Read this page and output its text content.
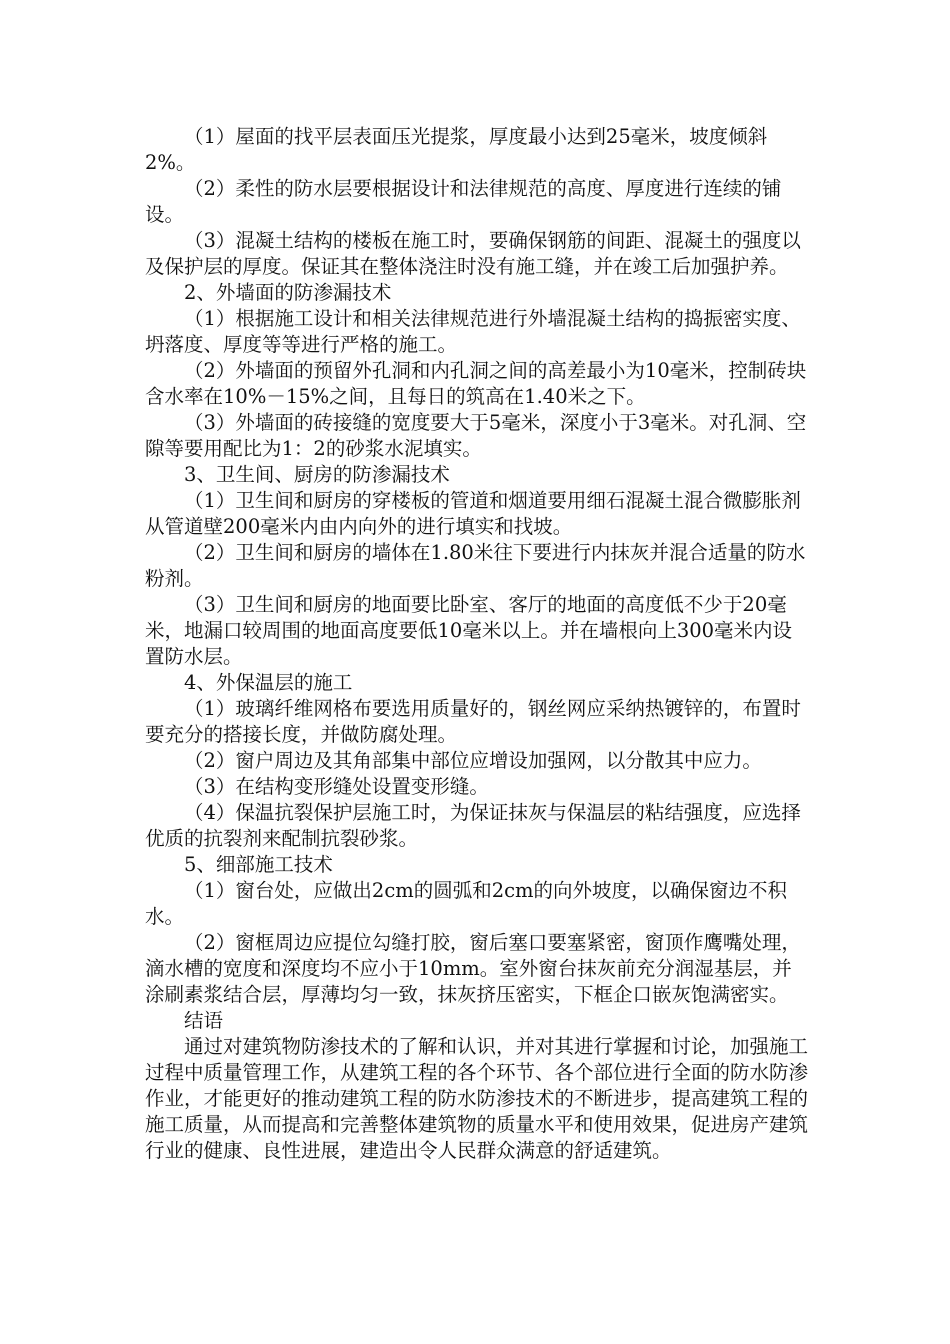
（1）屋面的找平层表面压光提浆，厚度最小达到25毫米，坡度倾斜2%。

（2）柔性的防水层要根据设计和法律规范的高度、厚度进行连续的铺设。

（3）混凝土结构的楼板在施工时，要确保钢筋的间距、混凝土的强度以及保护层的厚度。保证其在整体浇注时没有施工缝，并在竣工后加强护养。

2、外墙面的防渗漏技术

（1）根据施工设计和相关法律规范进行外墙混凝土结构的捣振密实度、坍落度、厚度等等进行严格的施工。

（2）外墙面的预留外孔洞和内孔洞之间的高差最小为10毫米，控制砖块含水率在10%－15%之间，且每日的筑高在1.40米之下。

（3）外墙面的砖接缝的宽度要大于5毫米，深度小于3毫米。对孔洞、空隙等要用配比为1：2的砂浆水泥填实。

3、卫生间、厨房的防渗漏技术

（1）卫生间和厨房的穿楼板的管道和烟道要用细石混凝土混合微膨胀剂从管道壁200毫米内由内向外的进行填实和找坡。

（2）卫生间和厨房的墙体在1.80米往下要进行内抹灰并混合适量的防水粉剂。

（3）卫生间和厨房的地面要比卧室、客厅的地面的高度低不少于20毫米，地漏口较周围的地面高度要低10毫米以上。并在墙根向上300毫米内设置防水层。

4、外保温层的施工

（1）玻璃纤维网格布要选用质量好的，钢丝网应采纳热镀锌的，布置时要充分的搭接长度，并做防腐处理。

（2）窗户周边及其角部集中部位应增设加强网，以分散其中应力。

（3）在结构变形缝处设置变形缝。

（4）保温抗裂保护层施工时，为保证抹灰与保温层的粘结强度，应选择优质的抗裂剂来配制抗裂砂浆。

5、细部施工技术

（1）窗台处，应做出2cm的圆弧和2cm的向外坡度，以确保窗边不积水。

（2）窗框周边应提位勾缝打胶，窗后塞口要塞紧密，窗顶作鹰嘴处理，滴水槽的宽度和深度均不应小于10mm。室外窗台抹灰前充分润湿基层，并涂刷素浆结合层，厚薄均匀一致，抹灰挤压密实，下框企口嵌灰饱满密实。

结语

通过对建筑物防渗技术的了解和认识，并对其进行掌握和讨论，加强施工过程中质量管理工作，从建筑工程的各个环节、各个部位进行全面的防水防渗作业，才能更好的推动建筑工程的防水防渗技术的不断进步，提高建筑工程的施工质量，从而提高和完善整体建筑物的质量水平和使用效果，促进房产建筑行业的健康、良性进展，建造出令人民群众满意的舒适建筑。
